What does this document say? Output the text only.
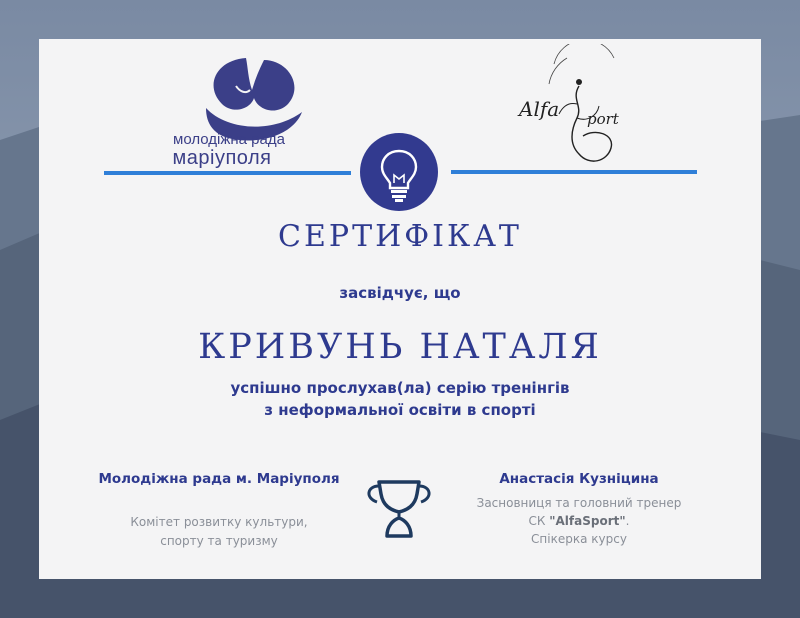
молодіжна рада
маріуполя
Alfa port
СЕРТИФІКАТ
засвідчує, що
КРИВУНЬ НАТАЛЯ
успішно прослухав(ла) серію тренінгів
з неформальної освіти в спорті
Молодіжна рада м. Маріуполя
Комітет розвитку культури,
спорту та туризму
Анастасія Кузніцина
Засновниця та головний тренер
СК "AlfaSport".
Спікерка курсу
